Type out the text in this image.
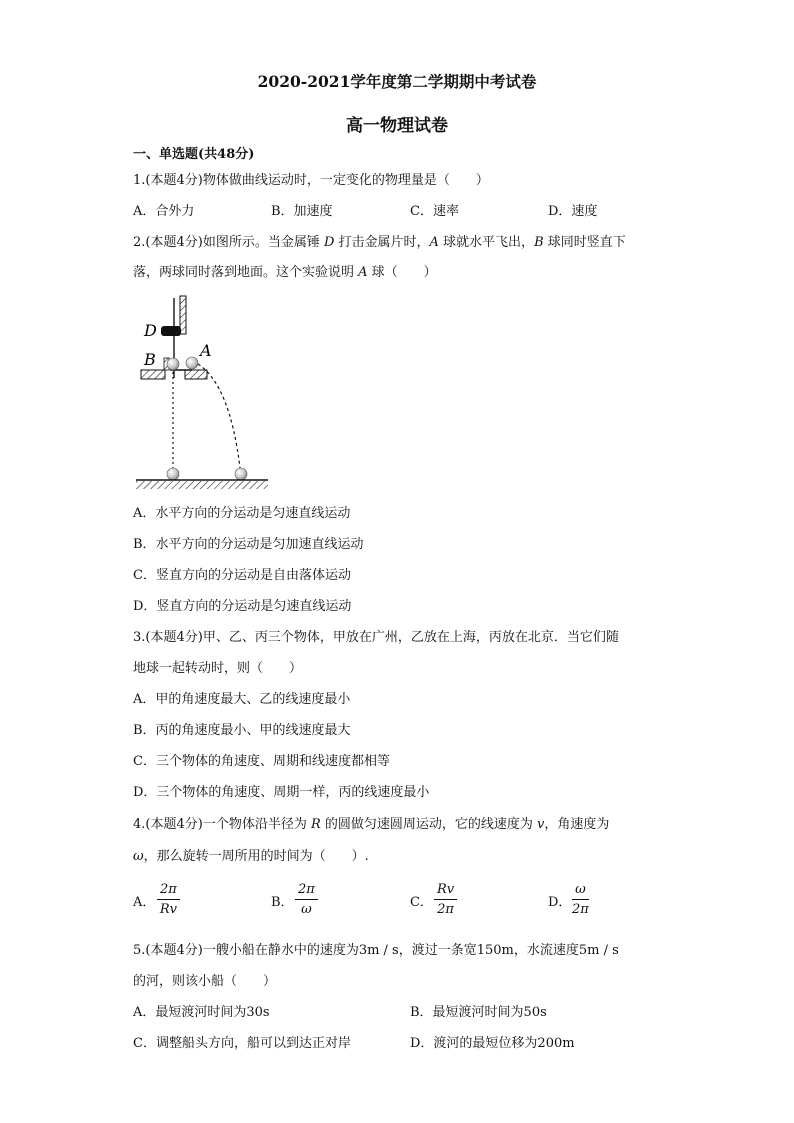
2020-2021学年度第二学期期中考试卷
高一物理试卷
一、单选题(共48分)
1.(本题4分)物体做曲线运动时，一定变化的物理量是（　　）
A．合外力	B．加速度	C．速率	D．速度
2.(本题4分)如图所示。当金属锤 D 打击金属片时，A 球就水平飞出，B 球同时竖直下
落，两球同时落到地面。这个实验说明 A 球（　　）
D
B	A
A．水平方向的分运动是匀速直线运动
B．水平方向的分运动是匀加速直线运动
C．竖直方向的分运动是自由落体运动
D．竖直方向的分运动是匀速直线运动
3.(本题4分)甲、乙、丙三个物体，甲放在广州，乙放在上海，丙放在北京．当它们随
地球一起转动时，则（　　）
A．甲的角速度最大、乙的线速度最小
B．丙的角速度最小、甲的线速度最大
C．三个物体的角速度、周期和线速度都相等
D．三个物体的角速度、周期一样，丙的线速度最小
4.(本题4分)一个物体沿半径为 R 的圆做匀速圆周运动，它的线速度为 v，角速度为
ω，那么旋转一周所用的时间为（　　）.
A． $\frac{2\pi}{Rv}$	B． $\frac{2\pi}{\omega}$	C． $\frac{Rv}{2\pi}$	D． $\frac{\omega}{2\pi}$
5.(本题4分)一艘小船在静水中的速度为3m / s，渡过一条宽150m，水流速度5m / s
的河，则该小船（　　）
A．最短渡河时间为30s	B．最短渡河时间为50s
C．调整船头方向，船可以到达正对岸	D．渡河的最短位移为200m
